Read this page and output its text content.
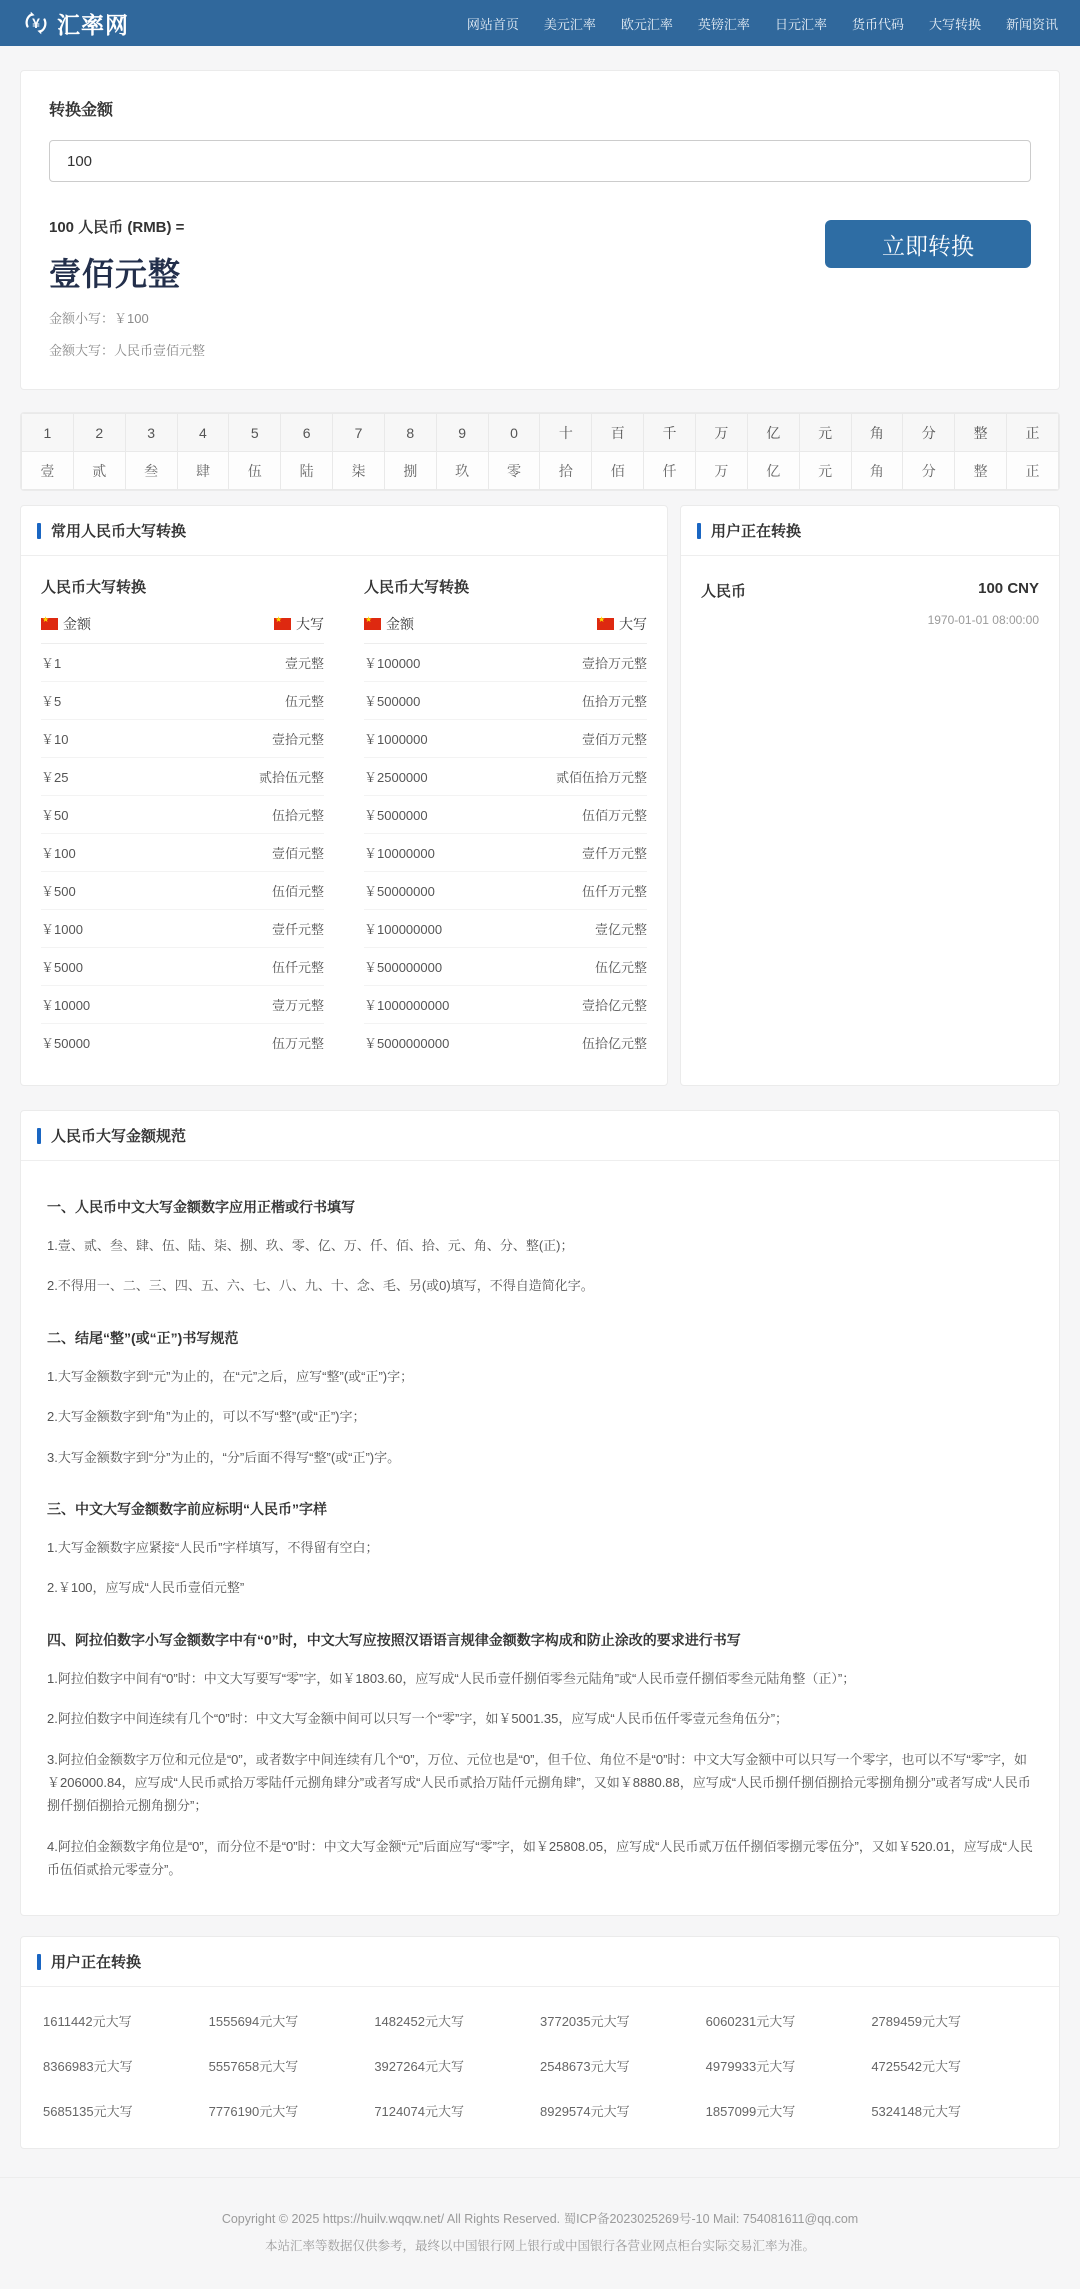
¥ 汇率网	网站首页 美元汇率 欧元汇率 英镑汇率 日元汇率 货币代码 大写转换 新闻资讯
转换金额
100
100 人民币 (RMB) =
壹佰元整
金额小写：￥100
金额大写：人民币壹佰元整
立即转换
1	2	3	4	5	6	7	8	9	0	十	百	千	万	亿	元	角	分	整	正
壹	贰	叁	肆	伍	陆	柒	捌	玖	零	拾	佰	仟	万	亿	元	角	分	整	正
常用人民币大写转换
人民币大写转换
★金额 ★	大写
￥1	壹元整
￥5	伍元整
￥10	壹拾元整
￥25	贰拾伍元整
￥50	伍拾元整
￥100	壹佰元整
￥500	伍佰元整
￥1000	壹仟元整
￥5000	伍仟元整
￥10000	壹万元整
￥50000	伍万元整
人民币大写转换
★金额 ★	大写
￥100000	壹拾万元整
￥500000	伍拾万元整
￥1000000	壹佰万元整
￥2500000	贰佰伍拾万元整
￥5000000	伍佰万元整
￥10000000	壹仟万元整
￥50000000	伍仟万元整
￥100000000	壹亿元整
￥500000000	伍亿元整
￥1000000000	壹拾亿元整
￥5000000000	伍拾亿元整
用户正在转换
人民币	100 CNY
1970-01-01 08:00:00
人民币大写金额规范
一、人民币中文大写金额数字应用正楷或行书填写
1.壹、贰、叁、肆、伍、陆、柒、捌、玖、零、亿、万、仟、佰、拾、元、角、分、整(正)；
2.不得用一、二、三、四、五、六、七、八、九、十、念、毛、另(或0)填写，不得自造简化字。
二、结尾“整”(或“正”)书写规范
1.大写金额数字到“元”为止的，在“元”之后，应写“整”(或“正”)字；
2.大写金额数字到“角”为止的，可以不写“整”(或“正”)字；
3.大写金额数字到“分”为止的，“分”后面不得写“整”(或“正”)字。
三、中文大写金额数字前应标明“人民币”字样
1.大写金额数字应紧接“人民币”字样填写，不得留有空白；
2.￥100，应写成“人民币壹佰元整”
四、阿拉伯数字小写金额数字中有“0”时，中文大写应按照汉语语言规律金额数字构成和防止涂改的要求进行书写
1.阿拉伯数字中间有“0”时：中文大写要写“零”字，如￥1803.60，应写成“人民币壹仟捌佰零叁元陆角”或“人民币壹仟捌佰零叁元陆角整（正）”；
2.阿拉伯数字中间连续有几个“0”时：中文大写金额中间可以只写一个“零”字，如￥5001.35，应写成“人民币伍仟零壹元叁角伍分”；
3.阿拉伯金额数字万位和元位是“0”，或者数字中间连续有几个“0”，万位、元位也是“0”，但千位、角位不是“0”时：中文大写金额中可以只写一个零字，也可以不写“零”字，如￥206000.84，应写成“人民币贰拾万零陆仟元捌角肆分”或者写成“人民币贰拾万陆仟元捌角肆”，又如￥8880.88，应写成“人民币捌仟捌佰捌拾元零捌角捌分”或者写成“人民币捌仟捌佰捌拾元捌角捌分”；
4.阿拉伯金额数字角位是“0”，而分位不是“0”时：中文大写金额“元”后面应写“零”字，如￥25808.05，应写成“人民币贰万伍仟捌佰零捌元零伍分”，又如￥520.01，应写成“人民币伍佰贰拾元零壹分”。
用户正在转换
1611442元大写	1555694元大写	1482452元大写	3772035元大写	6060231元大写	2789459元大写
8366983元大写	5557658元大写	3927264元大写	2548673元大写	4979933元大写	4725542元大写
5685135元大写	7776190元大写	7124074元大写	8929574元大写	1857099元大写	5324148元大写
Copyright © 2025 https://huilv.wqqw.net/ All Rights Reserved. 蜀ICP备2023025269号-10 Mail: 754081611@qq.com
本站汇率等数据仅供参考，最终以中国银行网上银行或中国银行各营业网点柜台实际交易汇率为准。
